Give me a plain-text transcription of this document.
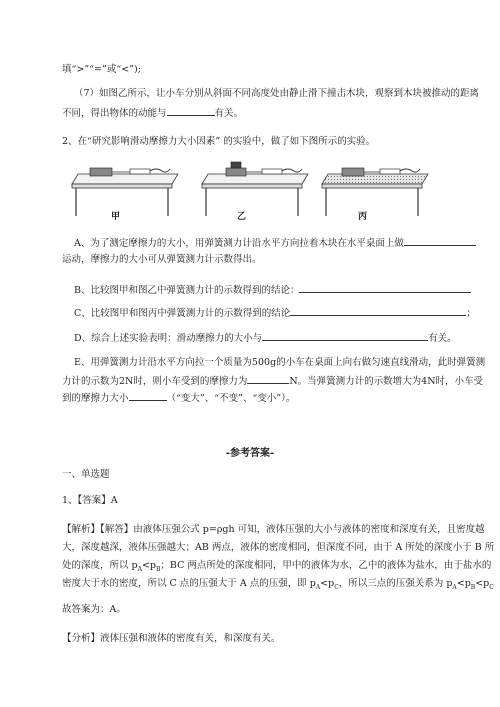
填“>”“=”或“<”);
（7）如图乙所示，让小车分别从斜面不同高度处由静止滑下撞击木块，观察到木块被推动的距离
不同，得出物体的动能与	有关。
2、在“研究影响滑动摩擦力大小因素” 的实验中，做了如下图所示的实验。
甲	乙	丙
A、为了测定摩擦力的大小，用弹簧测力计沿水平方向拉着木块在水平桌面上做
运动，摩擦力的大小可从弹簧测力计示数得出。
B、比较图甲和图乙中弹簧测力计的示数得到的结论：
C、比较图甲和图丙中弹簧测力计的示数得到的结论	；
D、综合上述实验表明：滑动摩擦力的大小与	有关。
E、用弹簧测力计沿水平方向拉一个质量为500g的小车在桌面上向右做匀速直线滑动，此时弹簧测
力计的示数为2N时，则小车受到的摩擦力为	N。当弹簧测力计的示数增大为4N时，小车受
到的摩擦力大小	（“变大”、“不变”、“变小”）。
-参考答案-
一、单选题
1、【答案】A
【解析】【解答】由液体压强公式 p=ρgh 可知，液体压强的大小与液体的密度和深度有关，且密度越
大，深度越深，液体压强越大；AB 两点，液体的密度相同，但深度不同，由于 A 所处的深度小于 B 所
处的深度，所以 $p_A<p_B$；BC 两点所处的深度相同，甲中的液体为水，乙中的液体为盐水，由于盐水的
密度大于水的密度，所以 C 点的压强大于 A 点的压强，即 $p_A<p_C$，所以三点的压强关系为 $p_A<p_B<p_C$
故答案为：A。
【分析】液体压强和液体的密度有关，和深度有关。
